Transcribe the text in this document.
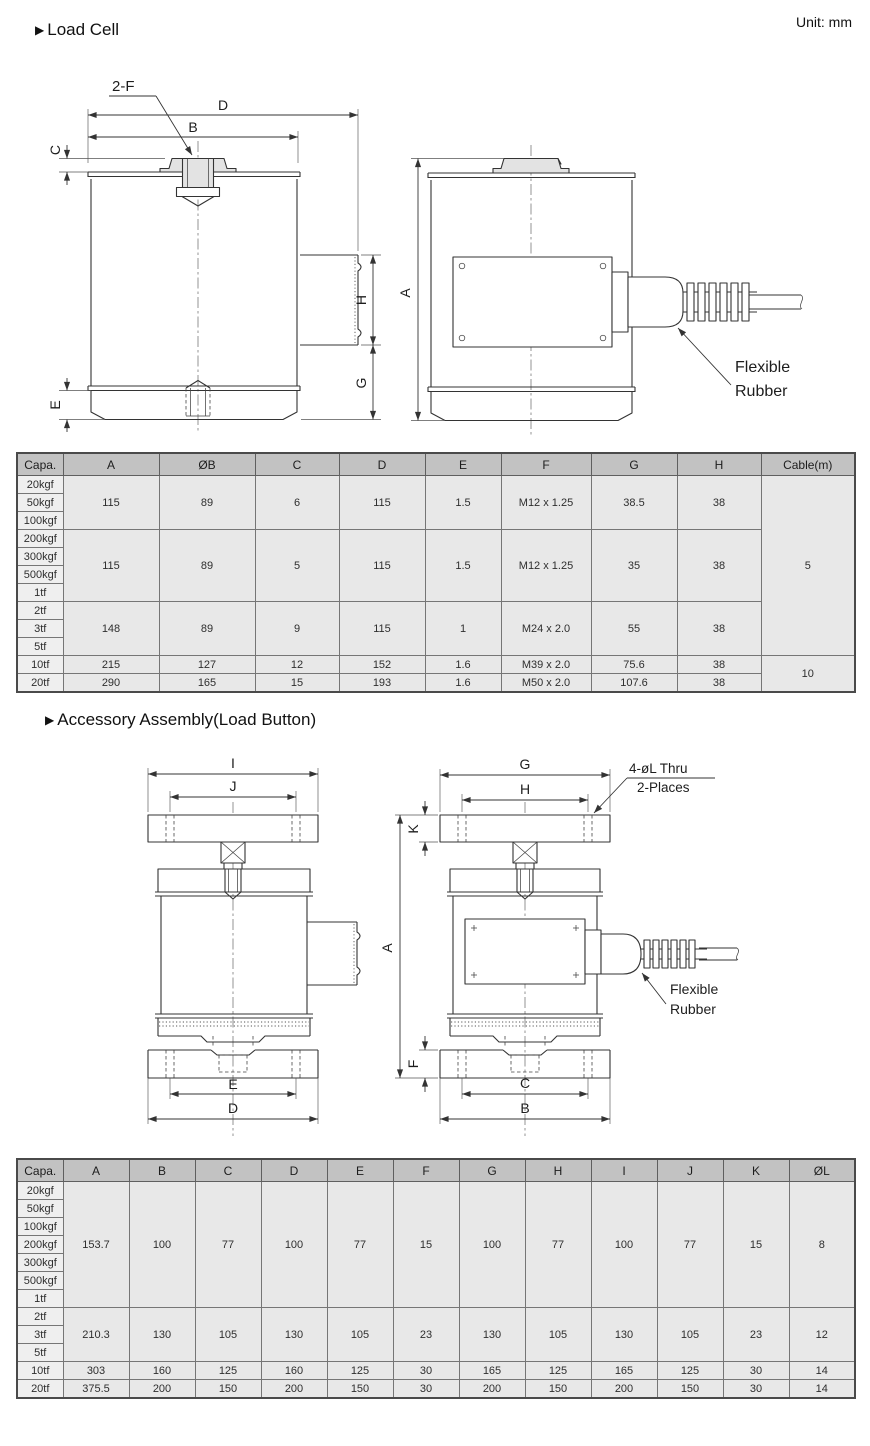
Unit: mm
▶ Load Cell
D
B
C
E
H
G
2-F
A
Flexible
Rubber
Capa.	A	ØB	C	D	E	F	G	H	Cable(m)
20kgf	115	89	6	115	1.5	M12 x 1.25	38.5	38	5
50kgf									
100kgf									
200kgf	115	89	5	115	1.5	M12 x 1.25	35	38	
300kgf									
500kgf									
1tf									
2tf	148	89	9	115	1	M24 x 2.0	55	38	
3tf									
5tf									
10tf	215	127	12	152	1.6	M39 x 2.0	75.6	38	10
20tf	290	165	15	193	1.6	M50 x 2.0	107.6	38	
▶ Accessory Assembly(Load Button)
I
J
E
D
G
H
4-øL Thru
2-Places
K
A
F
C
B
Flexible
Rubber
Capa.	A	B	C	D	E	F	G	H	I	J	K	ØL
20kgf	153.7	100	77	100	77	15	100	77	100	77	15	8
50kgf												
100kgf												
200kgf												
300kgf												
500kgf												
1tf												
2tf	210.3	130	105	130	105	23	130	105	130	105	23	12
3tf												
5tf												
10tf	303	160	125	160	125	30	165	125	165	125	30	14
20tf	375.5	200	150	200	150	30	200	150	200	150	30	14
